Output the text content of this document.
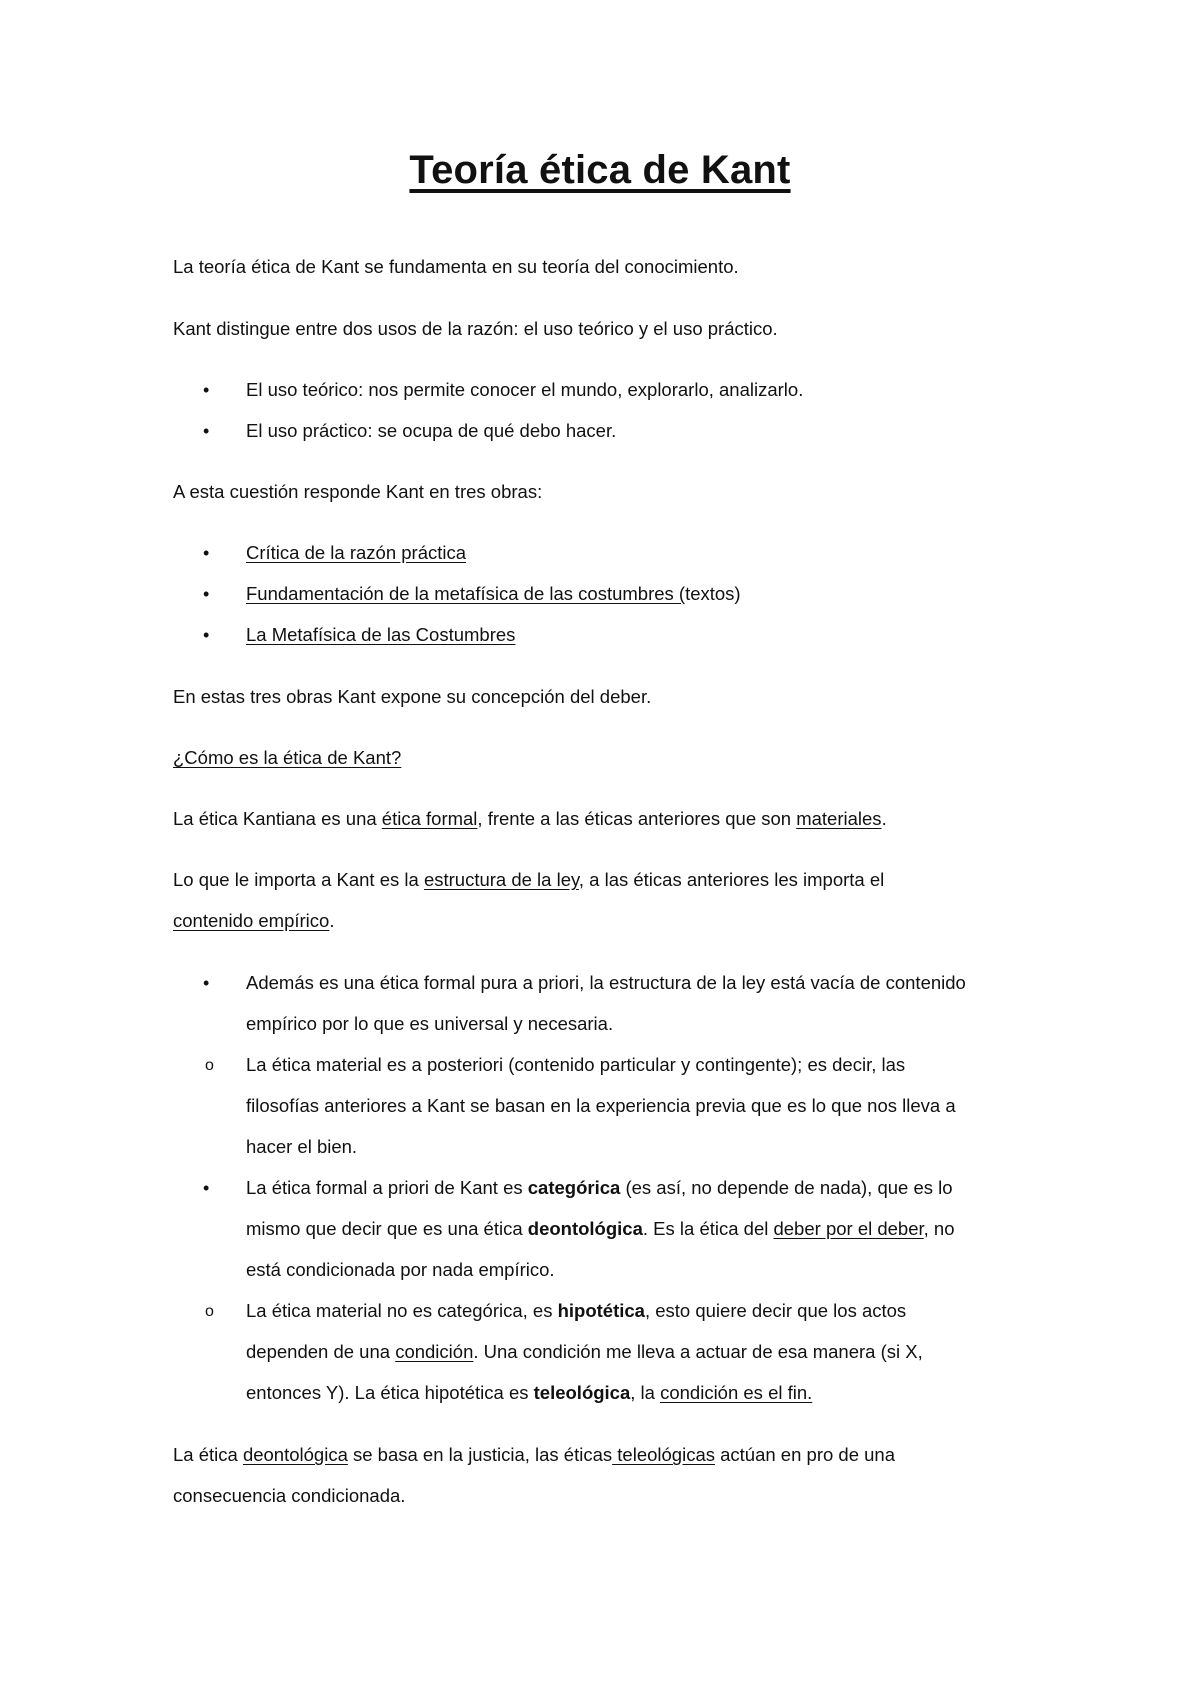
Teoría ética de Kant
La teoría ética de Kant se fundamenta en su teoría del conocimiento.
Kant distingue entre dos usos de la razón: el uso teórico y el uso práctico.
• El uso teórico: nos permite conocer el mundo, explorarlo, analizarlo.
• El uso práctico: se ocupa de qué debo hacer.
A esta cuestión responde Kant en tres obras:
• Crítica de la razón práctica
• Fundamentación de la metafísica de las costumbres (textos)
• La Metafísica de las Costumbres
En estas tres obras Kant expone su concepción del deber.
¿Cómo es la ética de Kant?
La ética Kantiana es una ética formal, frente a las éticas anteriores que son materiales.
Lo que le importa a Kant es la estructura de la ley, a las éticas anteriores les importa el
contenido empírico.
• Además es una ética formal pura a priori, la estructura de la ley está vacía de contenido
empírico por lo que es universal y necesaria.
o La ética material es a posteriori (contenido particular y contingente); es decir, las
filosofías anteriores a Kant se basan en la experiencia previa que es lo que nos lleva a
hacer el bien.
• La ética formal a priori de Kant es categórica (es así, no depende de nada), que es lo
mismo que decir que es una ética deontológica. Es la ética del deber por el deber, no
está condicionada por nada empírico.
o La ética material no es categórica, es hipotética, esto quiere decir que los actos
dependen de una condición. Una condición me lleva a actuar de esa manera (si X,
entonces Y). La ética hipotética es teleológica, la condición es el fin.
La ética deontológica se basa en la justicia, las éticas teleológicas actúan en pro de una
consecuencia condicionada.
